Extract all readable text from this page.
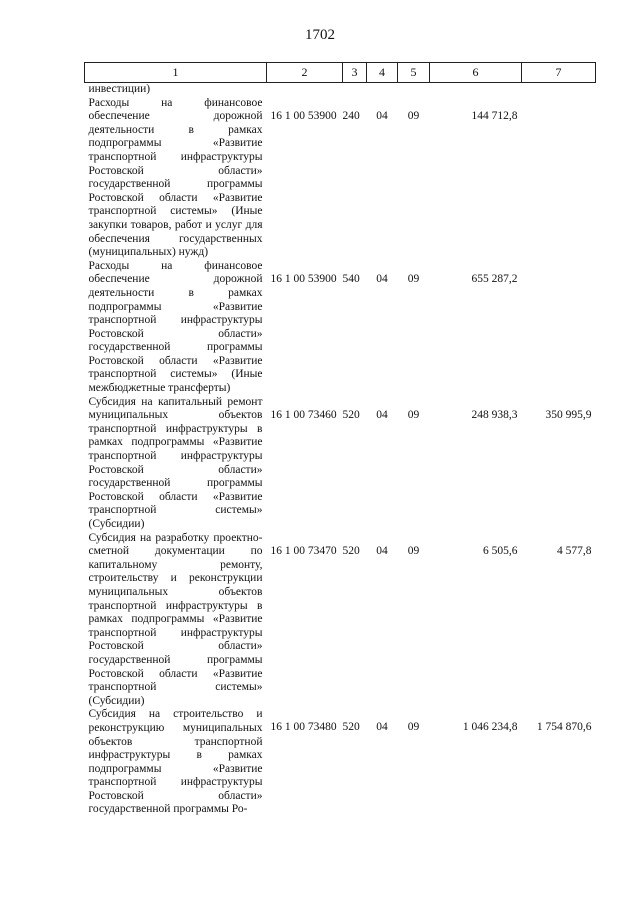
1702
1	2	3	4	5	6	7
инвестиции)						
Расходы на финансовое обеспечение дорожной деятельности в рамках подпрограммы «Развитие транспортной инфраструктуры Ростовской области» государственной программы Ростовской области «Развитие транспортной системы» (Иные закупки товаров, работ и услуг для обеспечения государственных (муниципальных) нужд)	16 1 00 53900	240	04	09	144 712,8	
Расходы на финансовое обеспечение дорожной деятельности в рамках подпрограммы «Развитие транспортной инфраструктуры Ростовской области» государственной программы Ростовской области «Развитие транспортной системы» (Иные межбюджетные трансферты)	16 1 00 53900	540	04	09	655 287,2	
Субсидия на капитальный ремонт муниципальных объектов транспортной инфраструктуры в рамках подпрограммы «Развитие транспортной инфраструктуры Ростовской области» государственной программы Ростовской области «Развитие транспортной системы» (Субсидии)	16 1 00 73460	520	04	09	248 938,3	350 995,9
Субсидия на разработку проектно-сметной документации по капитальному ремонту, строительству и реконструкции муниципальных объектов транспортной инфраструктуры в рамках подпрограммы «Развитие транспортной инфраструктуры Ростовской области» государственной программы Ростовской области «Развитие транспортной системы» (Субсидии)	16 1 00 73470	520	04	09	6 505,6	4 577,8
Субсидия на строительство и реконструкцию муниципальных объектов транспортной инфраструктуры в рамках подпрограммы «Развитие транспортной инфраструктуры Ростовской области» государственной программы Ро-	16 1 00 73480	520	04	09	1 046 234,8	1 754 870,6
